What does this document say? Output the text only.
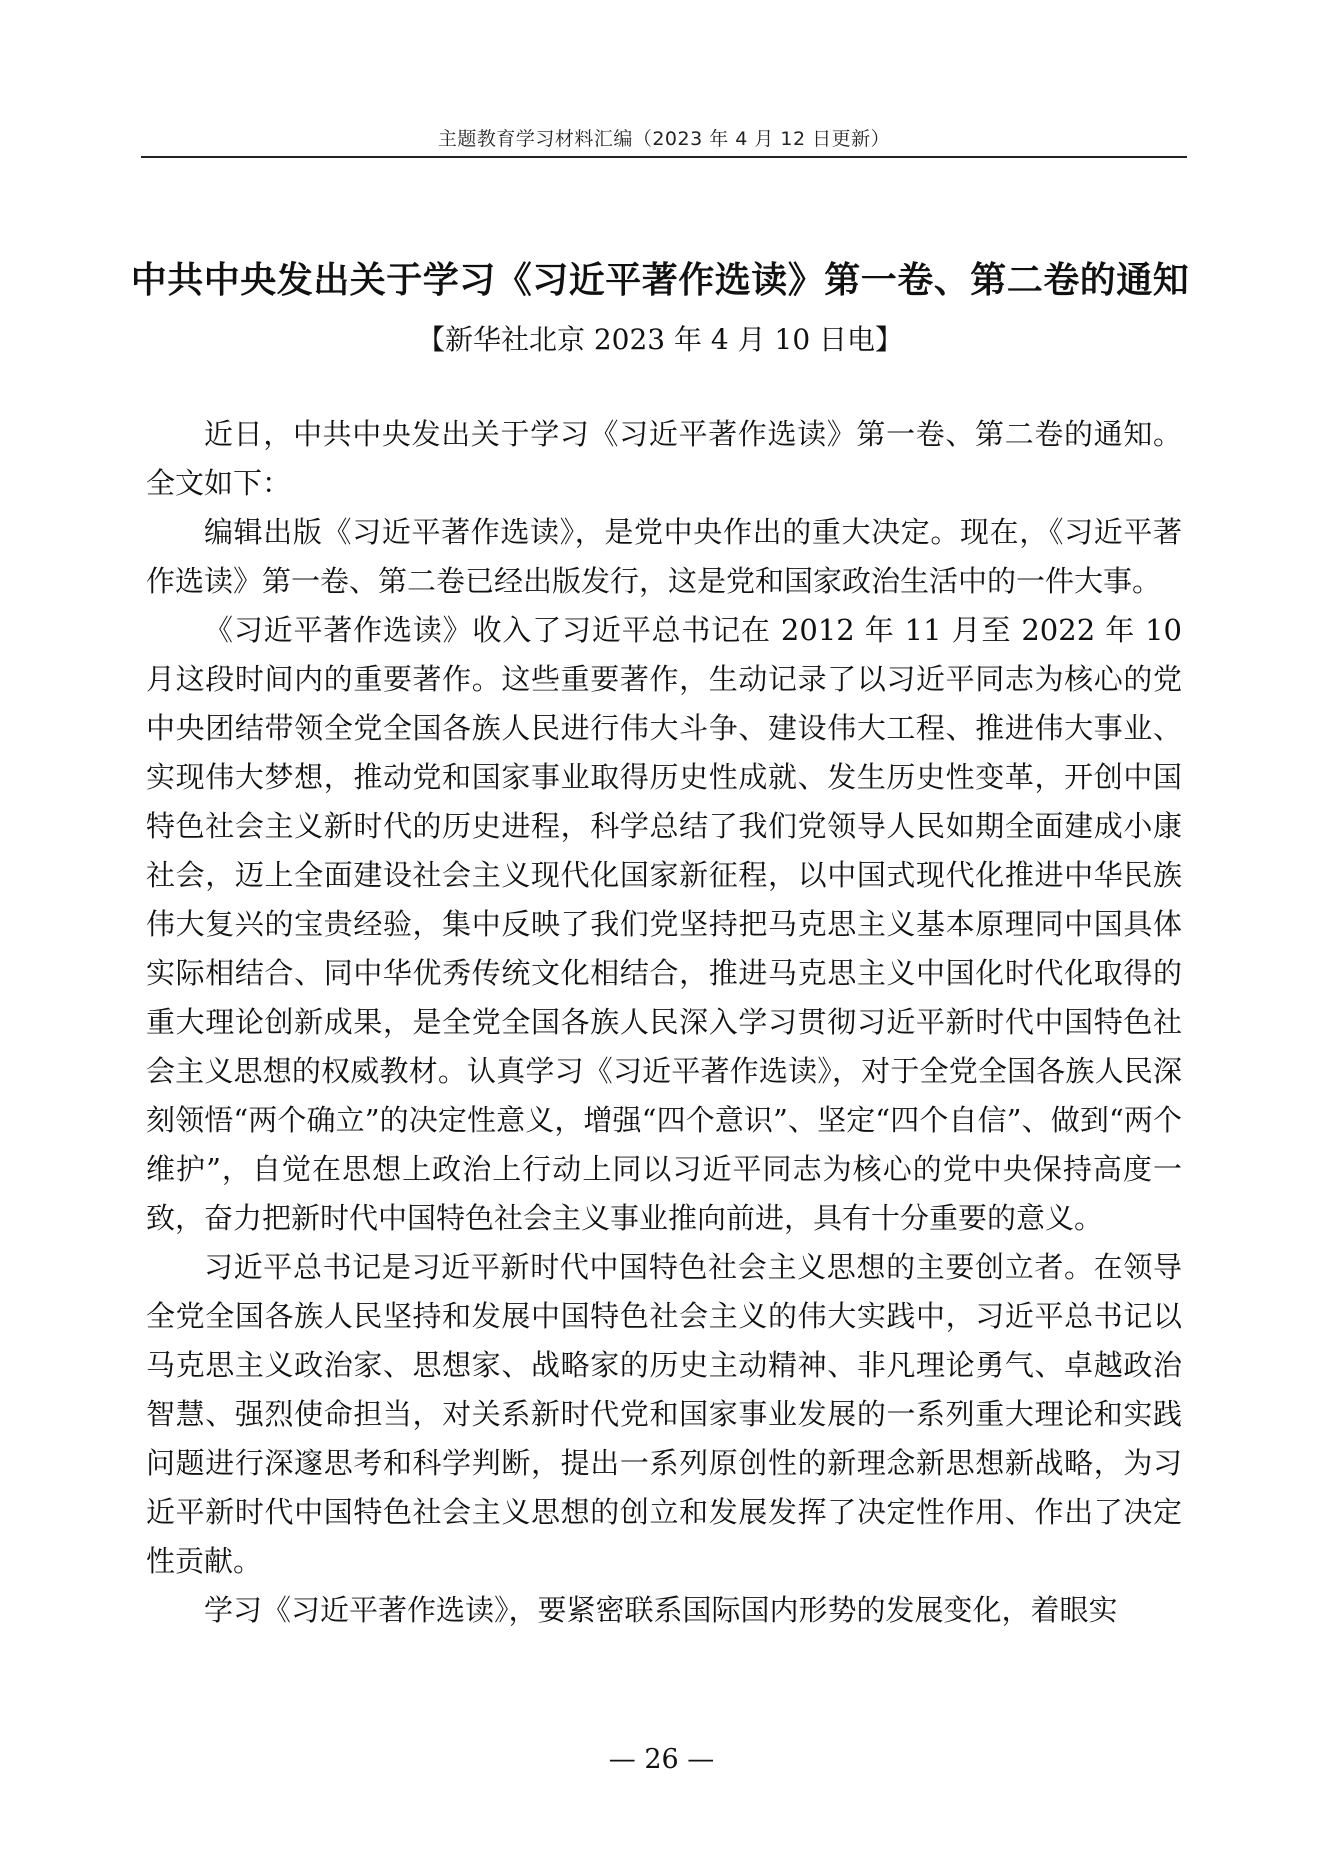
主题教育学习材料汇编（2023 年 4 月 12 日更新）
中共中央发出关于学习《习近平著作选读》第一卷、第二卷的通知
【新华社北京 2023 年 4 月 10 日电】

近日，中共中央发出关于学习《习近平著作选读》第一卷、第二卷的通知。全文如下：

编辑出版《习近平著作选读》，是党中央作出的重大决定。现在，《习近平著作选读》第一卷、第二卷已经出版发行，这是党和国家政治生活中的一件大事。

《习近平著作选读》收入了习近平总书记在 2012 年 11 月至 2022 年 10 月这段时间内的重要著作。这些重要著作，生动记录了以习近平同志为核心的党中央团结带领全党全国各族人民进行伟大斗争、建设伟大工程、推进伟大事业、实现伟大梦想，推动党和国家事业取得历史性成就、发生历史性变革，开创中国特色社会主义新时代的历史进程，科学总结了我们党领导人民如期全面建成小康社会，迈上全面建设社会主义现代化国家新征程，以中国式现代化推进中华民族伟大复兴的宝贵经验，集中反映了我们党坚持把马克思主义基本原理同中国具体实际相结合、同中华优秀传统文化相结合，推进马克思主义中国化时代化取得的重大理论创新成果，是全党全国各族人民深入学习贯彻习近平新时代中国特色社会主义思想的权威教材。认真学习《习近平著作选读》，对于全党全国各族人民深刻领悟“两个确立”的决定性意义，增强“四个意识”、坚定“四个自信”、做到“两个维护”，自觉在思想上政治上行动上同以习近平同志为核心的党中央保持高度一致，奋力把新时代中国特色社会主义事业推向前进，具有十分重要的意义。

习近平总书记是习近平新时代中国特色社会主义思想的主要创立者。在领导全党全国各族人民坚持和发展中国特色社会主义的伟大实践中，习近平总书记以马克思主义政治家、思想家、战略家的历史主动精神、非凡理论勇气、卓越政治智慧、强烈使命担当，对关系新时代党和国家事业发展的一系列重大理论和实践问题进行深邃思考和科学判断，提出一系列原创性的新理念新思想新战略，为习近平新时代中国特色社会主义思想的创立和发展发挥了决定性作用、作出了决定性贡献。

学习《习近平著作选读》，要紧密联系国际国内形势的发展变化，着眼实

— 26 —
